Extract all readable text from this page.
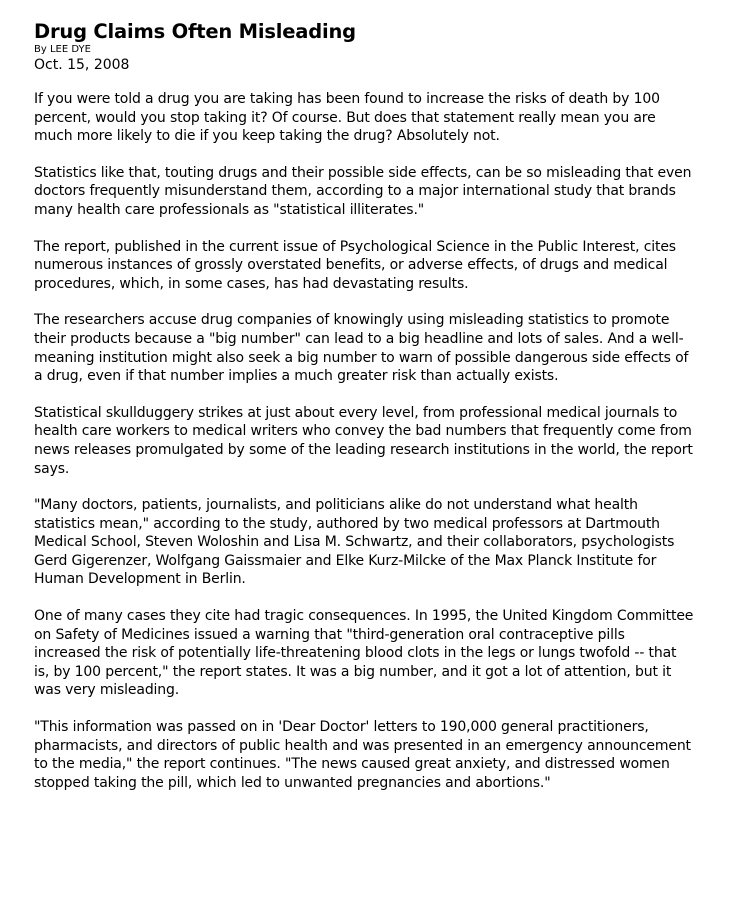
Drug Claims Often Misleading

By LEE DYE

Oct. 15, 2008

If you were told a drug you are taking has been found to increase the risks of death by 100 percent, would you stop taking it? Of course. But does that statement really mean you are much more likely to die if you keep taking the drug? Absolutely not.

Statistics like that, touting drugs and their possible side effects, can be so misleading that even doctors frequently misunderstand them, according to a major international study that brands many health care professionals as "statistical illiterates."

The report, published in the current issue of Psychological Science in the Public Interest, cites numerous instances of grossly overstated benefits, or adverse effects, of drugs and medical procedures, which, in some cases, has had devastating results.

The researchers accuse drug companies of knowingly using misleading statistics to promote their products because a "big number" can lead to a big headline and lots of sales. And a well-meaning institution might also seek a big number to warn of possible dangerous side effects of a drug, even if that number implies a much greater risk than actually exists.

Statistical skullduggery strikes at just about every level, from professional medical journals to health care workers to medical writers who convey the bad numbers that frequently come from news releases promulgated by some of the leading research institutions in the world, the report says.

"Many doctors, patients, journalists, and politicians alike do not understand what health statistics mean," according to the study, authored by two medical professors at Dartmouth Medical School, Steven Woloshin and Lisa M. Schwartz, and their collaborators, psychologists Gerd Gigerenzer, Wolfgang Gaissmaier and Elke Kurz-Milcke of the Max Planck Institute for Human Development in Berlin.

One of many cases they cite had tragic consequences. In 1995, the United Kingdom Committee on Safety of Medicines issued a warning that "third-generation oral contraceptive pills increased the risk of potentially life-threatening blood clots in the legs or lungs twofold -- that is, by 100 percent," the report states. It was a big number, and it got a lot of attention, but it was very misleading.

"This information was passed on in 'Dear Doctor' letters to 190,000 general practitioners, pharmacists, and directors of public health and was presented in an emergency announcement to the media," the report continues. "The news caused great anxiety, and distressed women stopped taking the pill, which led to unwanted pregnancies and abortions."
